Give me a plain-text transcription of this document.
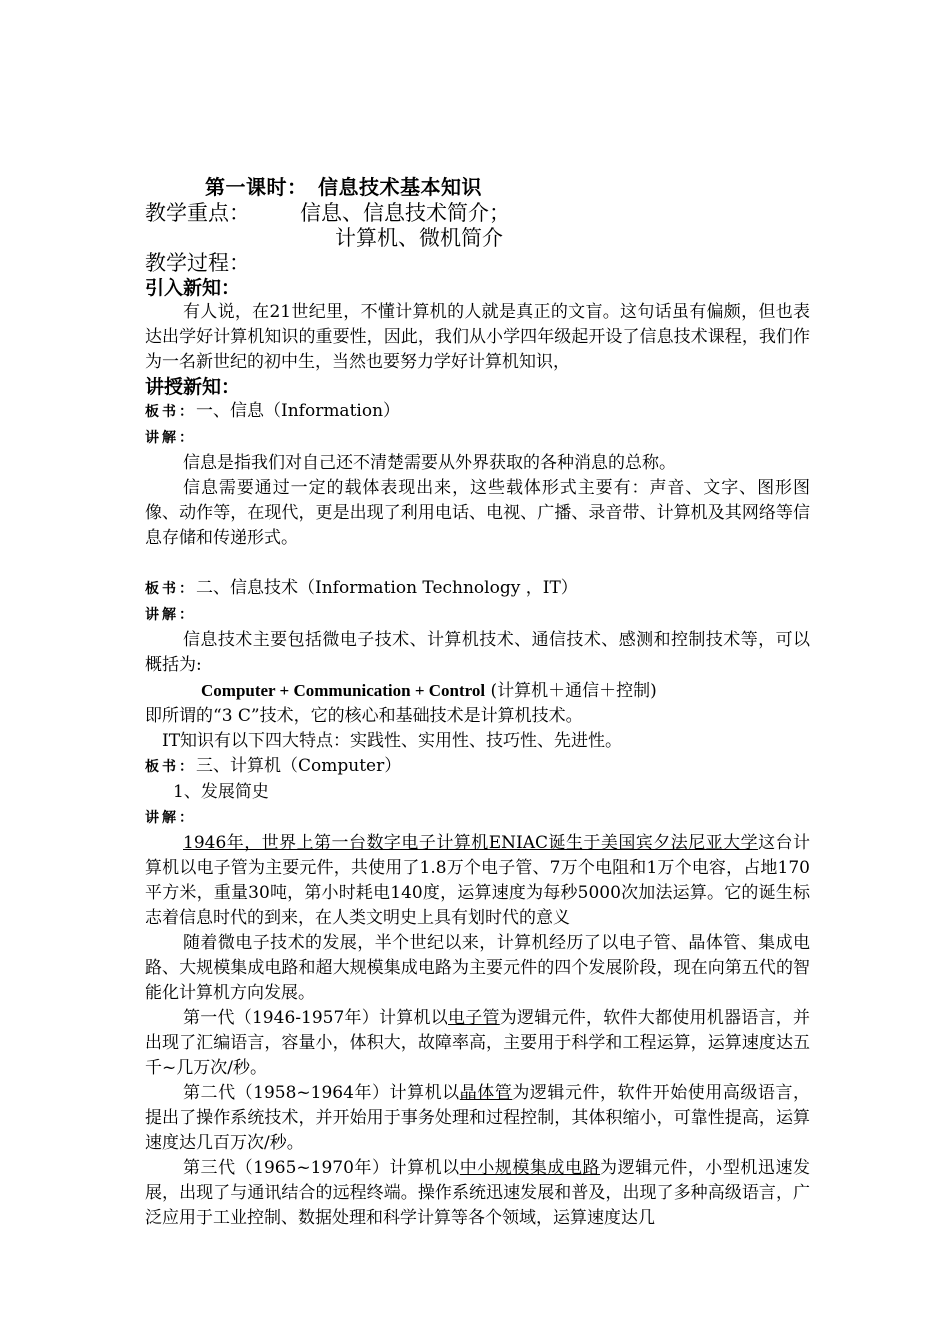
第一课时：　信息技术基本知识

教学重点： 信息、信息技术简介；

计算机、微机简介

教学过程：

引入新知：

有人说，在21世纪里，不懂计算机的人就是真正的文盲。这句话虽有偏颇，但也表达出学好计算机知识的重要性，因此，我们从小学四年级起开设了信息技术课程，我们作为一名新世纪的初中生，当然也要努力学好计算机知识，

讲授新知：

板书：一、信息（Information）

讲解：

信息是指我们对自己还不清楚需要从外界获取的各种消息的总称。

信息需要通过一定的载体表现出来，这些载体形式主要有：声音、文字、图形图像、动作等，在现代，更是出现了利用电话、电视、广播、录音带、计算机及其网络等信息存储和传递形式。

板书：二、信息技术（Information Technology ，IT）

讲解：

信息技术主要包括微电子技术、计算机技术、通信技术、感测和控制技术等，可以概括为:

Computer + Communication + Control (计算机＋通信＋控制)

即所谓的“3 C”技术，它的核心和基础技术是计算机技术。

IT知识有以下四大特点：实践性、实用性、技巧性、先进性。

板书：三、计算机（Computer）

1、发展简史

讲解：

1946年，世界上第一台数字电子计算机ENIAC诞生于美国宾夕法尼亚大学这台计算机以电子管为主要元件，共使用了1.8万个电子管、7万个电阻和1万个电容，占地170平方米，重量30吨，第小时耗电140度，运算速度为每秒5000次加法运算。它的诞生标志着信息时代的到来，在人类文明史上具有划时代的意义

随着微电子技术的发展，半个世纪以来，计算机经历了以电子管、晶体管、集成电路、大规模集成电路和超大规模集成电路为主要元件的四个发展阶段，现在向第五代的智能化计算机方向发展。

第一代（1946-1957年）计算机以电子管为逻辑元件，软件大都使用机器语言，并出现了汇编语言，容量小，体积大，故障率高，主要用于科学和工程运算，运算速度达五千~几万次/秒。

第二代（1958~1964年）计算机以晶体管为逻辑元件，软件开始使用高级语言，提出了操作系统技术，并开始用于事务处理和过程控制，其体积缩小，可靠性提高，运算速度达几百万次/秒。

第三代（1965~1970年）计算机以中小规模集成电路为逻辑元件，小型机迅速发展，出现了与通讯结合的远程终端。操作系统迅速发展和普及，出现了多种高级语言，广泛应用于工业控制、数据处理和科学计算等各个领域，运算速度达几
